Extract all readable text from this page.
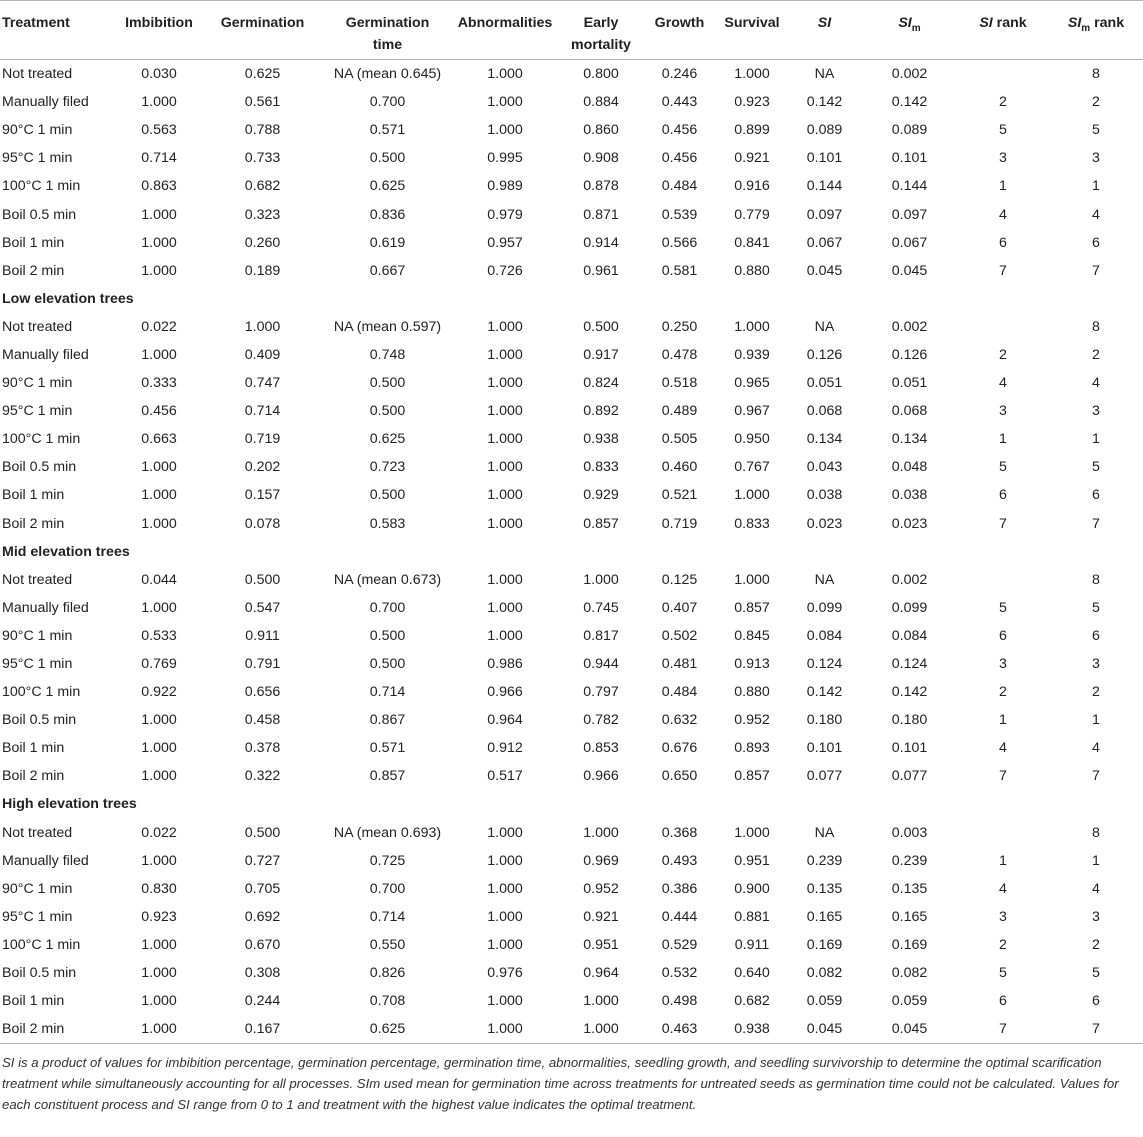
Treatment	Imbibition	Germination	Germination
time	Abnormalities	Early
mortality	Growth	Survival	SI	$SI_m$	SI rank	$SI_m$ rank
Not treated	0.030	0.625	NA (mean 0.645)	1.000	0.800	0.246	1.000	NA	0.002		8
Manually filed	1.000	0.561	0.700	1.000	0.884	0.443	0.923	0.142	0.142	2	2
90°C 1 min	0.563	0.788	0.571	1.000	0.860	0.456	0.899	0.089	0.089	5	5
95°C 1 min	0.714	0.733	0.500	0.995	0.908	0.456	0.921	0.101	0.101	3	3
100°C 1 min	0.863	0.682	0.625	0.989	0.878	0.484	0.916	0.144	0.144	1	1
Boil 0.5 min	1.000	0.323	0.836	0.979	0.871	0.539	0.779	0.097	0.097	4	4
Boil 1 min	1.000	0.260	0.619	0.957	0.914	0.566	0.841	0.067	0.067	6	6
Boil 2 min	1.000	0.189	0.667	0.726	0.961	0.581	0.880	0.045	0.045	7	7
Low elevation trees											
Not treated	0.022	1.000	NA (mean 0.597)	1.000	0.500	0.250	1.000	NA	0.002		8
Manually filed	1.000	0.409	0.748	1.000	0.917	0.478	0.939	0.126	0.126	2	2
90°C 1 min	0.333	0.747	0.500	1.000	0.824	0.518	0.965	0.051	0.051	4	4
95°C 1 min	0.456	0.714	0.500	1.000	0.892	0.489	0.967	0.068	0.068	3	3
100°C 1 min	0.663	0.719	0.625	1.000	0.938	0.505	0.950	0.134	0.134	1	1
Boil 0.5 min	1.000	0.202	0.723	1.000	0.833	0.460	0.767	0.043	0.048	5	5
Boil 1 min	1.000	0.157	0.500	1.000	0.929	0.521	1.000	0.038	0.038	6	6
Boil 2 min	1.000	0.078	0.583	1.000	0.857	0.719	0.833	0.023	0.023	7	7
Mid elevation trees											
Not treated	0.044	0.500	NA (mean 0.673)	1.000	1.000	0.125	1.000	NA	0.002		8
Manually filed	1.000	0.547	0.700	1.000	0.745	0.407	0.857	0.099	0.099	5	5
90°C 1 min	0.533	0.911	0.500	1.000	0.817	0.502	0.845	0.084	0.084	6	6
95°C 1 min	0.769	0.791	0.500	0.986	0.944	0.481	0.913	0.124	0.124	3	3
100°C 1 min	0.922	0.656	0.714	0.966	0.797	0.484	0.880	0.142	0.142	2	2
Boil 0.5 min	1.000	0.458	0.867	0.964	0.782	0.632	0.952	0.180	0.180	1	1
Boil 1 min	1.000	0.378	0.571	0.912	0.853	0.676	0.893	0.101	0.101	4	4
Boil 2 min	1.000	0.322	0.857	0.517	0.966	0.650	0.857	0.077	0.077	7	7
High elevation trees											
Not treated	0.022	0.500	NA (mean 0.693)	1.000	1.000	0.368	1.000	NA	0.003		8
Manually filed	1.000	0.727	0.725	1.000	0.969	0.493	0.951	0.239	0.239	1	1
90°C 1 min	0.830	0.705	0.700	1.000	0.952	0.386	0.900	0.135	0.135	4	4
95°C 1 min	0.923	0.692	0.714	1.000	0.921	0.444	0.881	0.165	0.165	3	3
100°C 1 min	1.000	0.670	0.550	1.000	0.951	0.529	0.911	0.169	0.169	2	2
Boil 0.5 min	1.000	0.308	0.826	0.976	0.964	0.532	0.640	0.082	0.082	5	5
Boil 1 min	1.000	0.244	0.708	1.000	1.000	0.498	0.682	0.059	0.059	6	6
Boil 2 min	1.000	0.167	0.625	1.000	1.000	0.463	0.938	0.045	0.045	7	7
SI is a product of values for imbibition percentage, germination percentage, germination time, abnormalities, seedling growth, and seedling survivorship to determine the optimal scarification treatment while simultaneously accounting for all processes. SIm used mean for germination time across treatments for untreated seeds as germination time could not be calculated. Values for each constituent process and SI range from 0 to 1 and treatment with the highest value indicates the optimal treatment.
